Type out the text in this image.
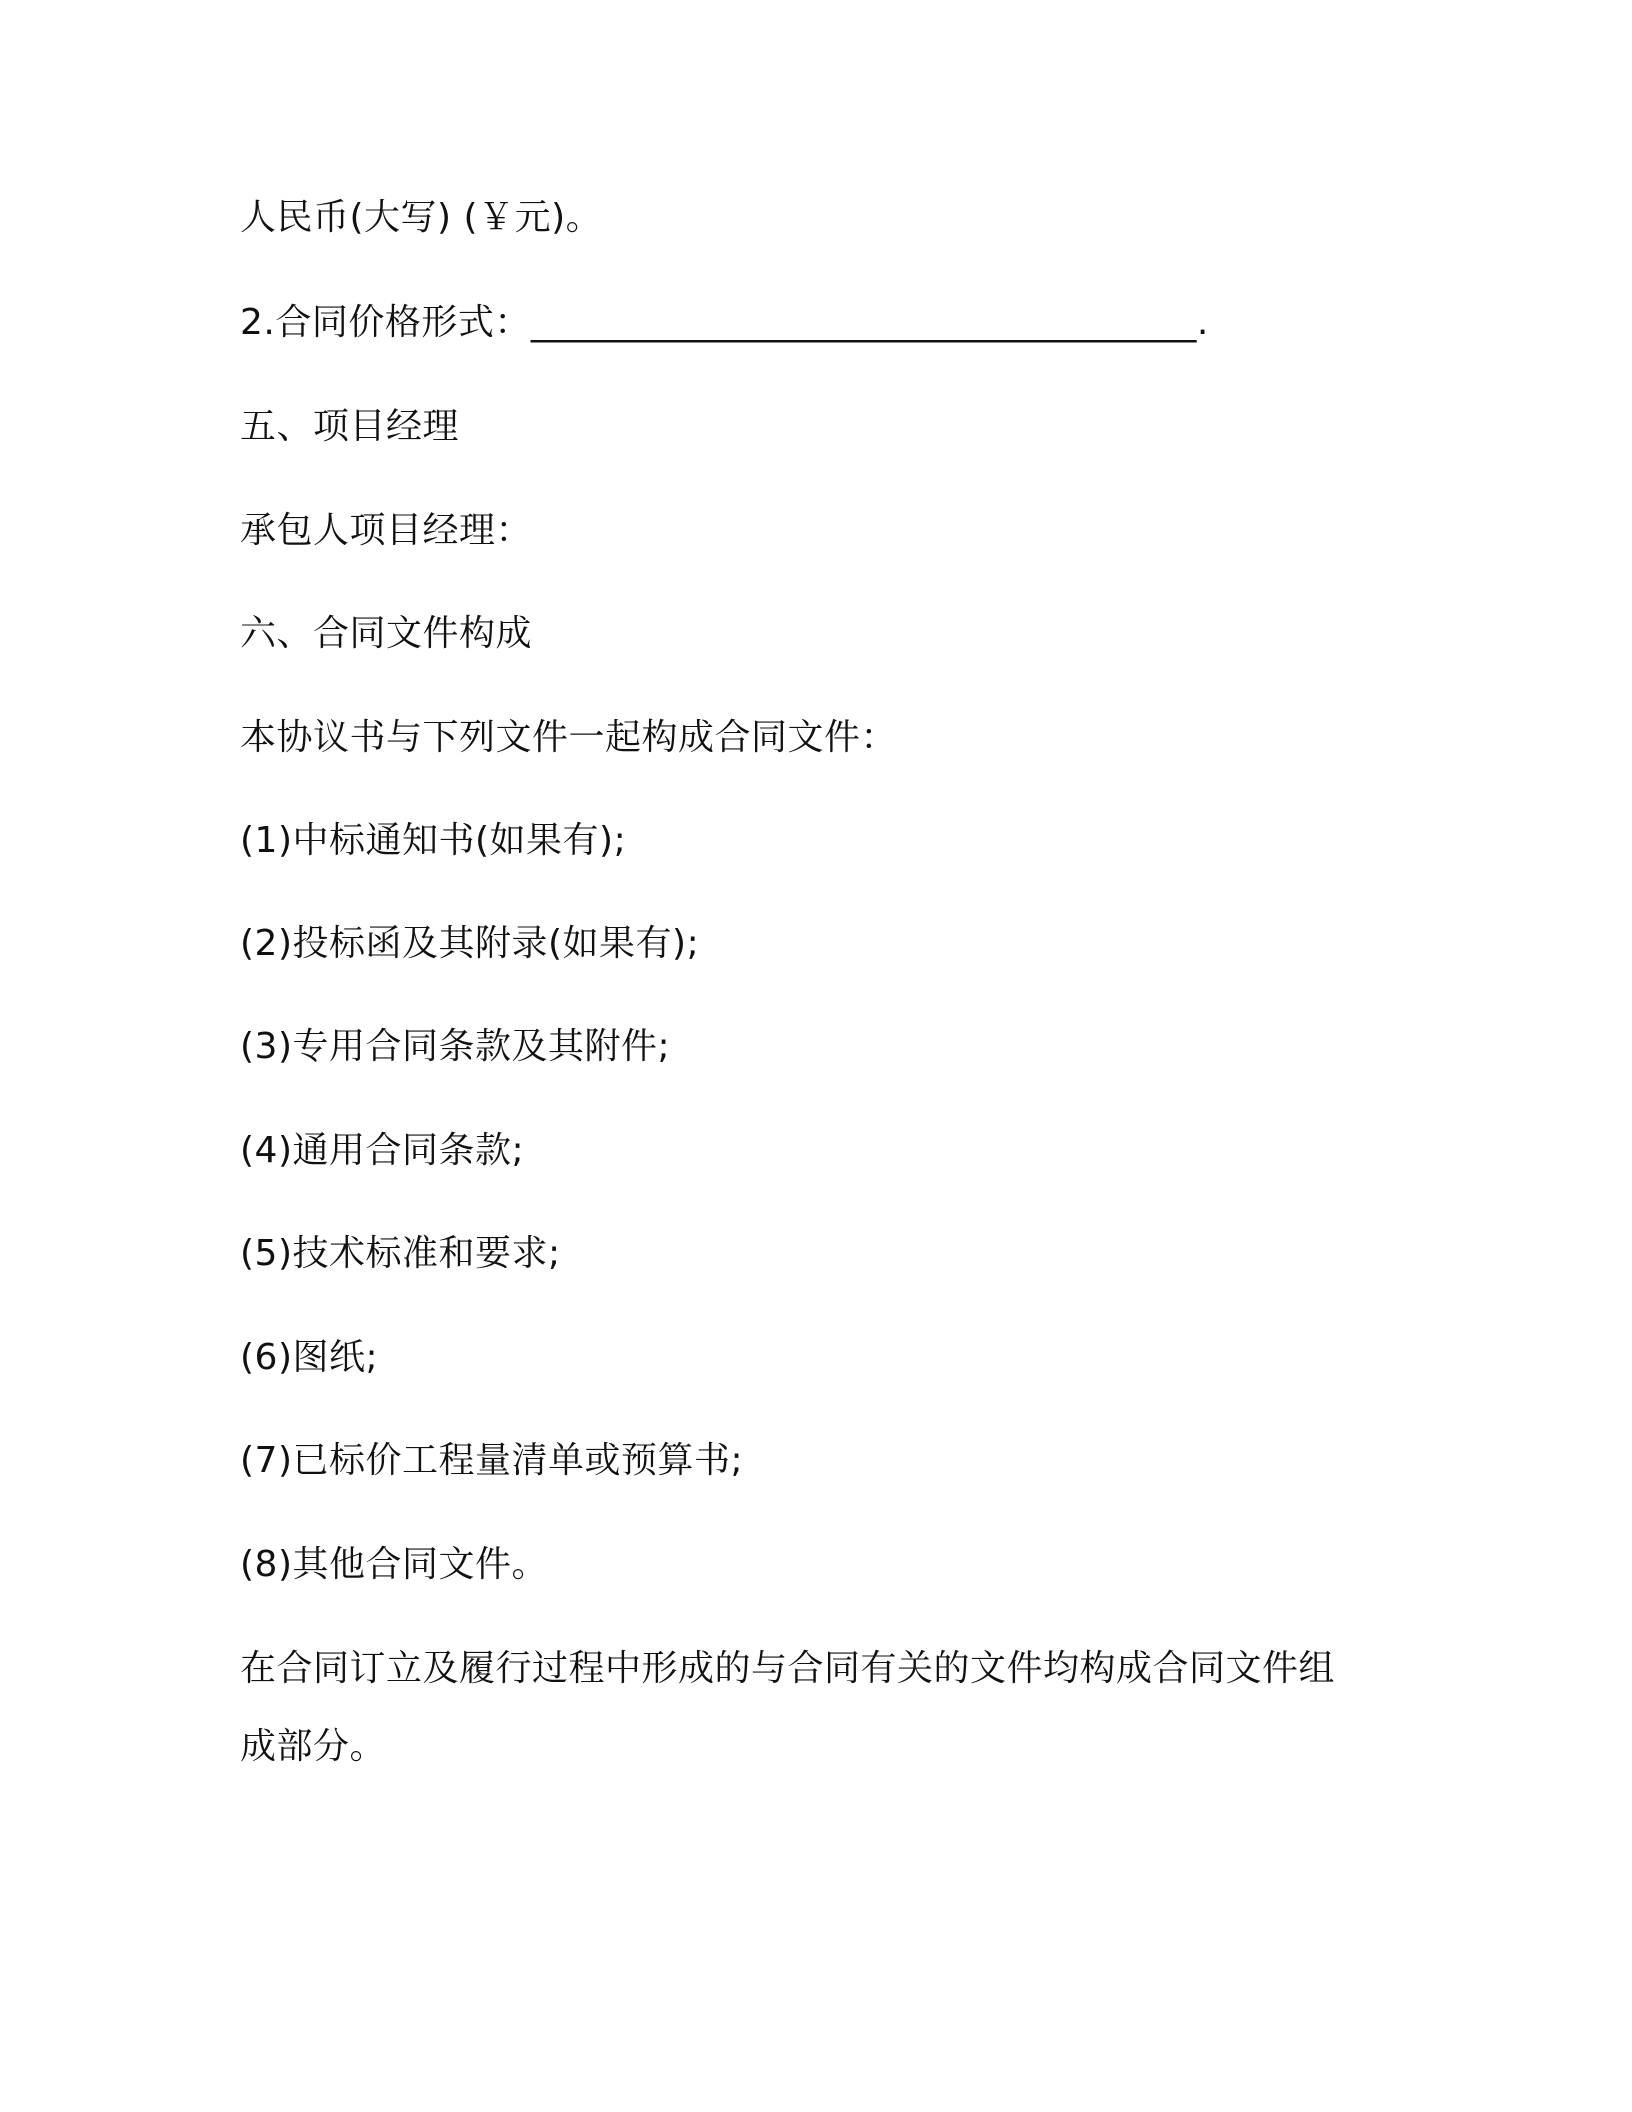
人民币(大写) (￥元)。
2.合同价格形式：____________________________________.
五、项目经理
承包人项目经理：
六、合同文件构成
本协议书与下列文件一起构成合同文件：
(1)中标通知书(如果有);
(2)投标函及其附录(如果有);
(3)专用合同条款及其附件;
(4)通用合同条款;
(5)技术标准和要求;
(6)图纸;
(7)已标价工程量清单或预算书;
(8)其他合同文件。
在合同订立及履行过程中形成的与合同有关的文件均构成合同文件组成部分。
